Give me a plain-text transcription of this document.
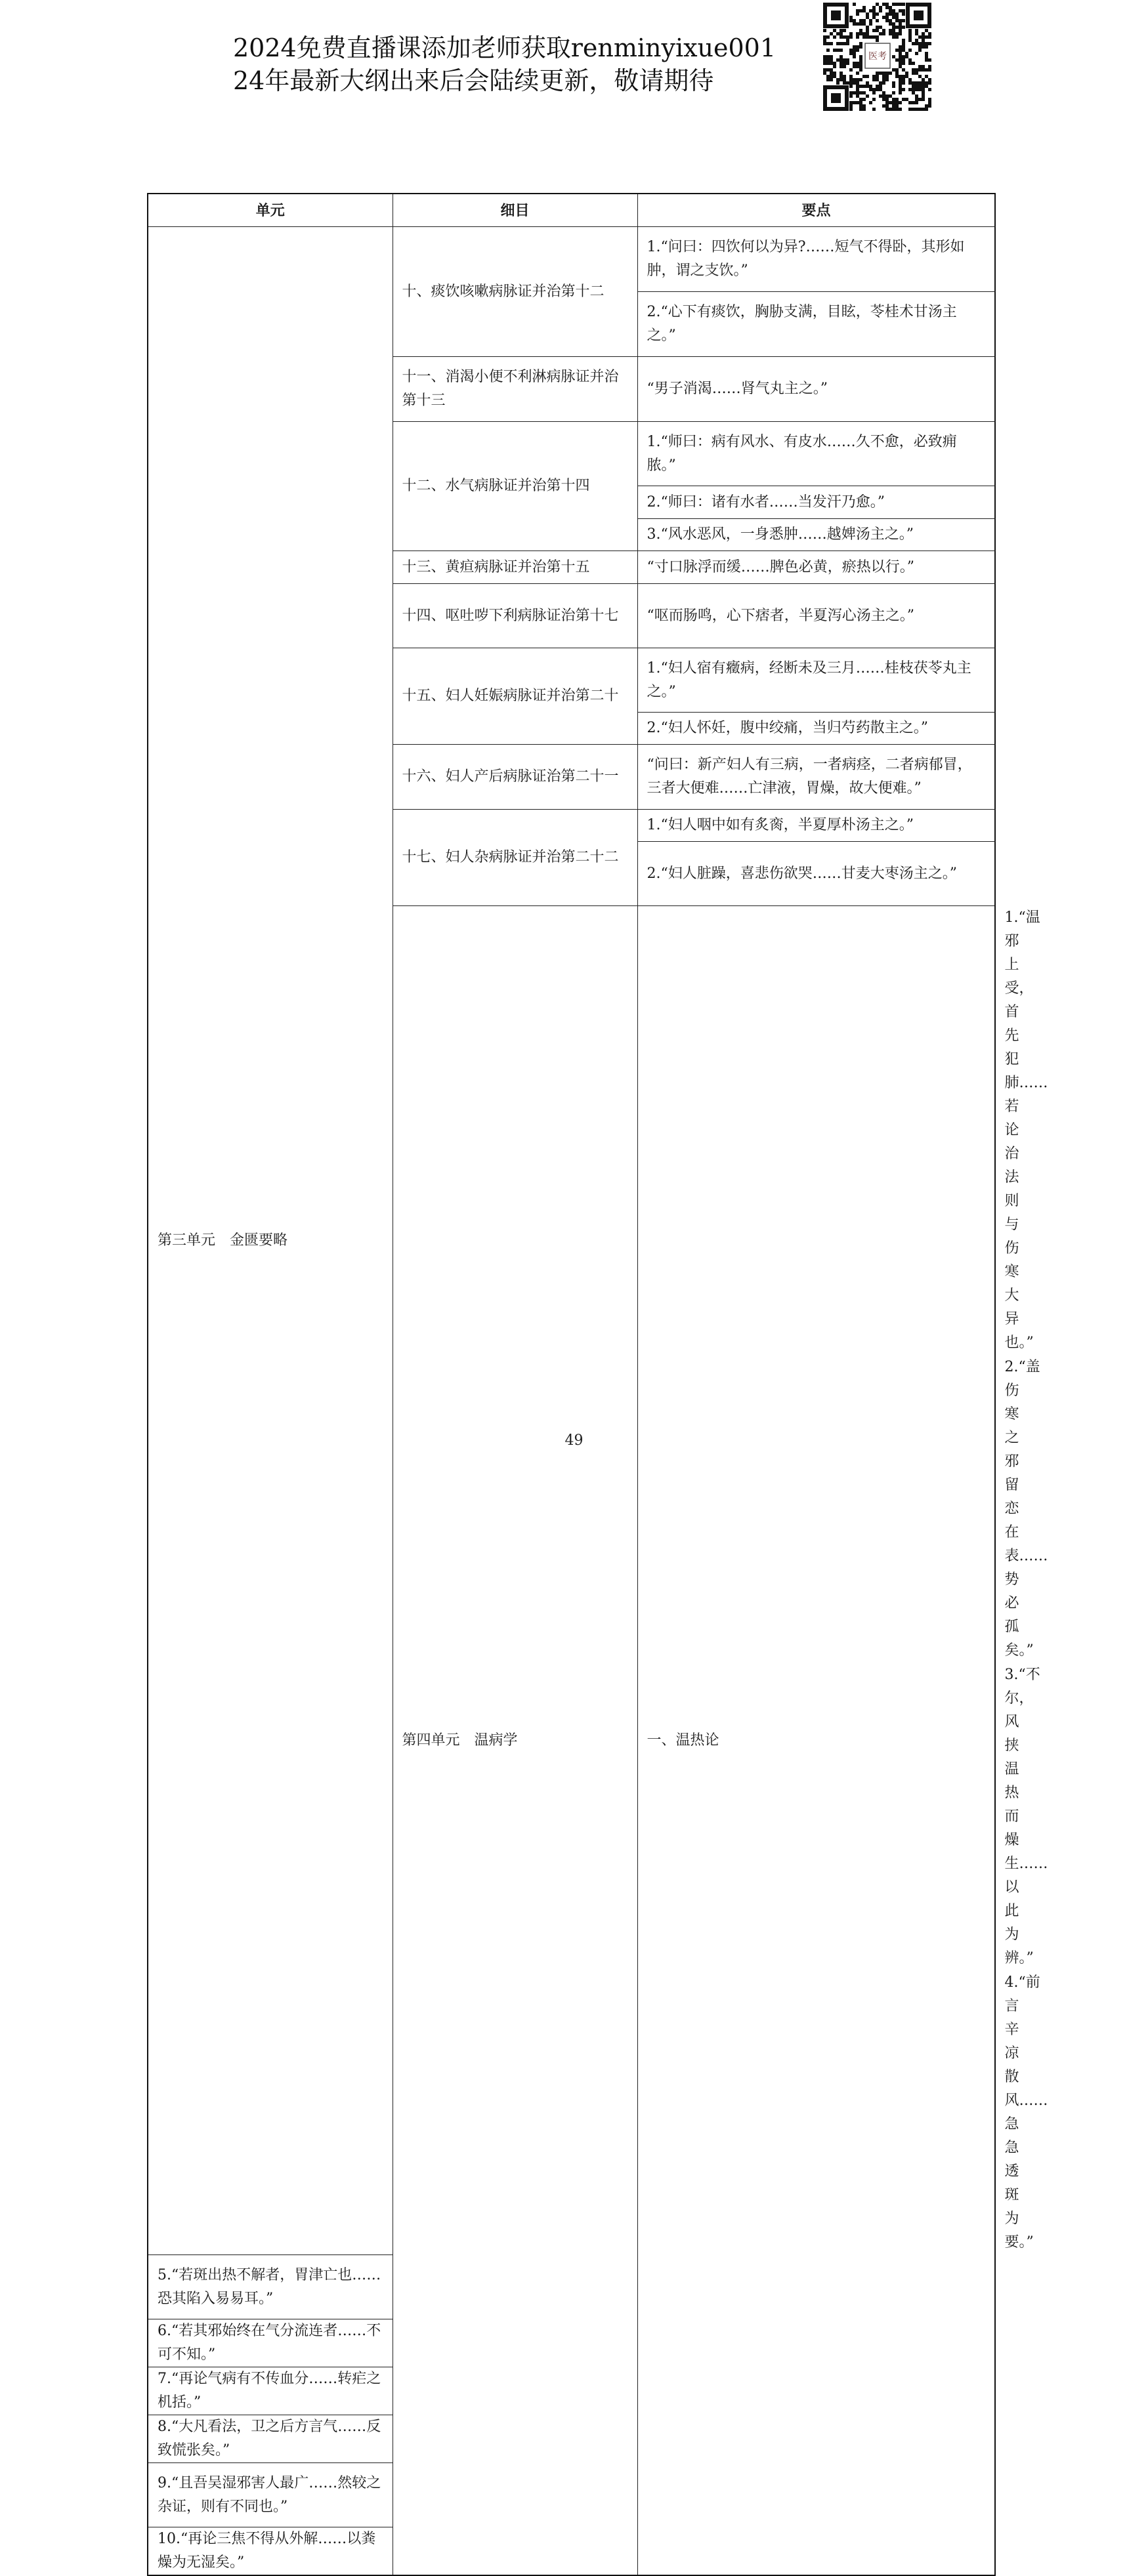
2024免费直播课添加老师获取renminyixue001
24年最新大纲出来后会陆续更新，敬请期待
医考
单元	细目	要点	
第三单元　金匮要略	十、痰饮咳嗽病脉证并治第十二	1.“问曰：四饮何以为异?……短气不得卧，其形如肿，谓之支饮。”	
		2.“心下有痰饮，胸胁支满，目眩，苓桂术甘汤主之。”	
	十一、消渴小便不利淋病脉证并治第十三	“男子消渴……肾气丸主之。”	
	十二、水气病脉证并治第十四	1.“师曰：病有风水、有皮水……久不愈，必致痈脓。”	
		2.“师曰：诸有水者……当发汗乃愈。”	
		3.“风水恶风，一身悉肿……越婢汤主之。”	
	十三、黄疸病脉证并治第十五	“寸口脉浮而缓……脾色必黄，瘀热以行。”	
	十四、呕吐哕下利病脉证治第十七	“呕而肠鸣，心下痞者，半夏泻心汤主之。”	
	十五、妇人妊娠病脉证并治第二十	1.“妇人宿有癥病，经断未及三月……桂枝茯苓丸主之。”	
		2.“妇人怀妊，腹中绞痛，当归芍药散主之。”	
	十六、妇人产后病脉证治第二十一	“问曰：新产妇人有三病，一者病痉，二者病郁冒，三者大便难……亡津液，胃燥，故大便难。”	
	十七、妇人杂病脉证并治第二十二	1.“妇人咽中如有炙脔，半夏厚朴汤主之。”	
		2.“妇人脏躁，喜悲伤欲哭……甘麦大枣汤主之。”	
	第四单元　温病学	一、温热论	1.“温邪上受，首先犯肺……若论治法则与伤寒大异也。”
			2.“盖伤寒之邪留恋在表……势必孤矣。”
			3.“不尔，风挟温热而燥生……以此为辨。”
			4.“前言辛凉散风……急急透斑为要。”
5.“若斑出热不解者，胃津亡也……恐其陷入易易耳。”			
6.“若其邪始终在气分流连者……不可不知。”			
7.“再论气病有不传血分……转疟之机括。”			
8.“大凡看法，卫之后方言气……反致慌张矣。”			
9.“且吾吴湿邪害人最广……然较之杂证，则有不同也。”			
10.“再论三焦不得从外解……以粪燥为无湿矣。”			
49
